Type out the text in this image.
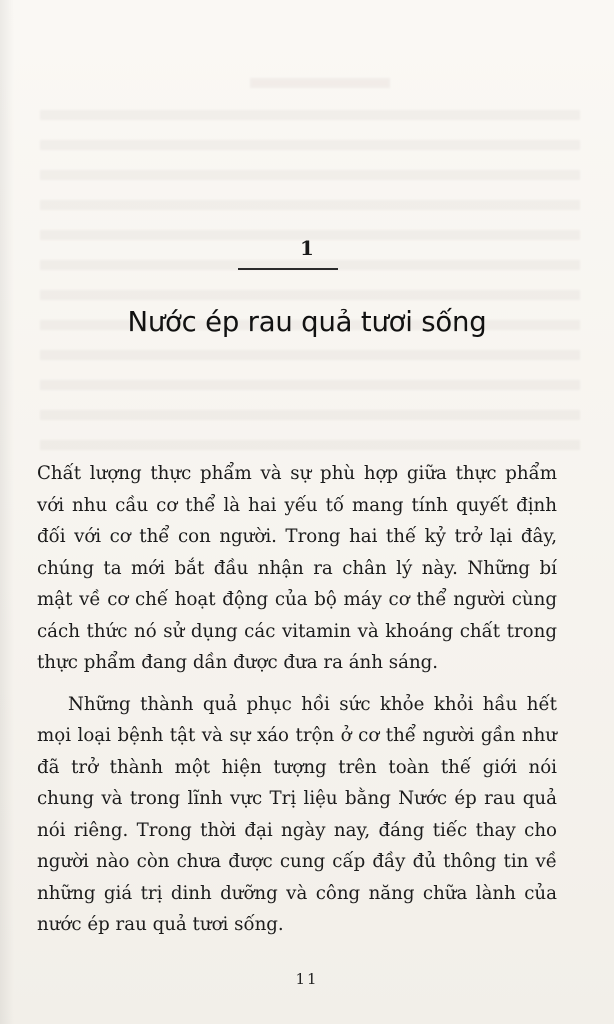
1
Nước ép rau quả tươi sống

Chất lượng thực phẩm và sự phù hợp giữa thực phẩm với nhu cầu cơ thể là hai yếu tố mang tính quyết định đối với cơ thể con người. Trong hai thế kỷ trở lại đây, chúng ta mới bắt đầu nhận ra chân lý này. Những bí mật về cơ chế hoạt động của bộ máy cơ thể người cùng cách thức nó sử dụng các vitamin và khoáng chất trong thực phẩm đang dần được đưa ra ánh sáng.

Những thành quả phục hồi sức khỏe khỏi hầu hết mọi loại bệnh tật và sự xáo trộn ở cơ thể người gần như đã trở thành một hiện tượng trên toàn thế giới nói chung và trong lĩnh vực Trị liệu bằng Nước ép rau quả nói riêng. Trong thời đại ngày nay, đáng tiếc thay cho người nào còn chưa được cung cấp đầy đủ thông tin về những giá trị dinh dưỡng và công năng chữa lành của nước ép rau quả tươi sống.

11
